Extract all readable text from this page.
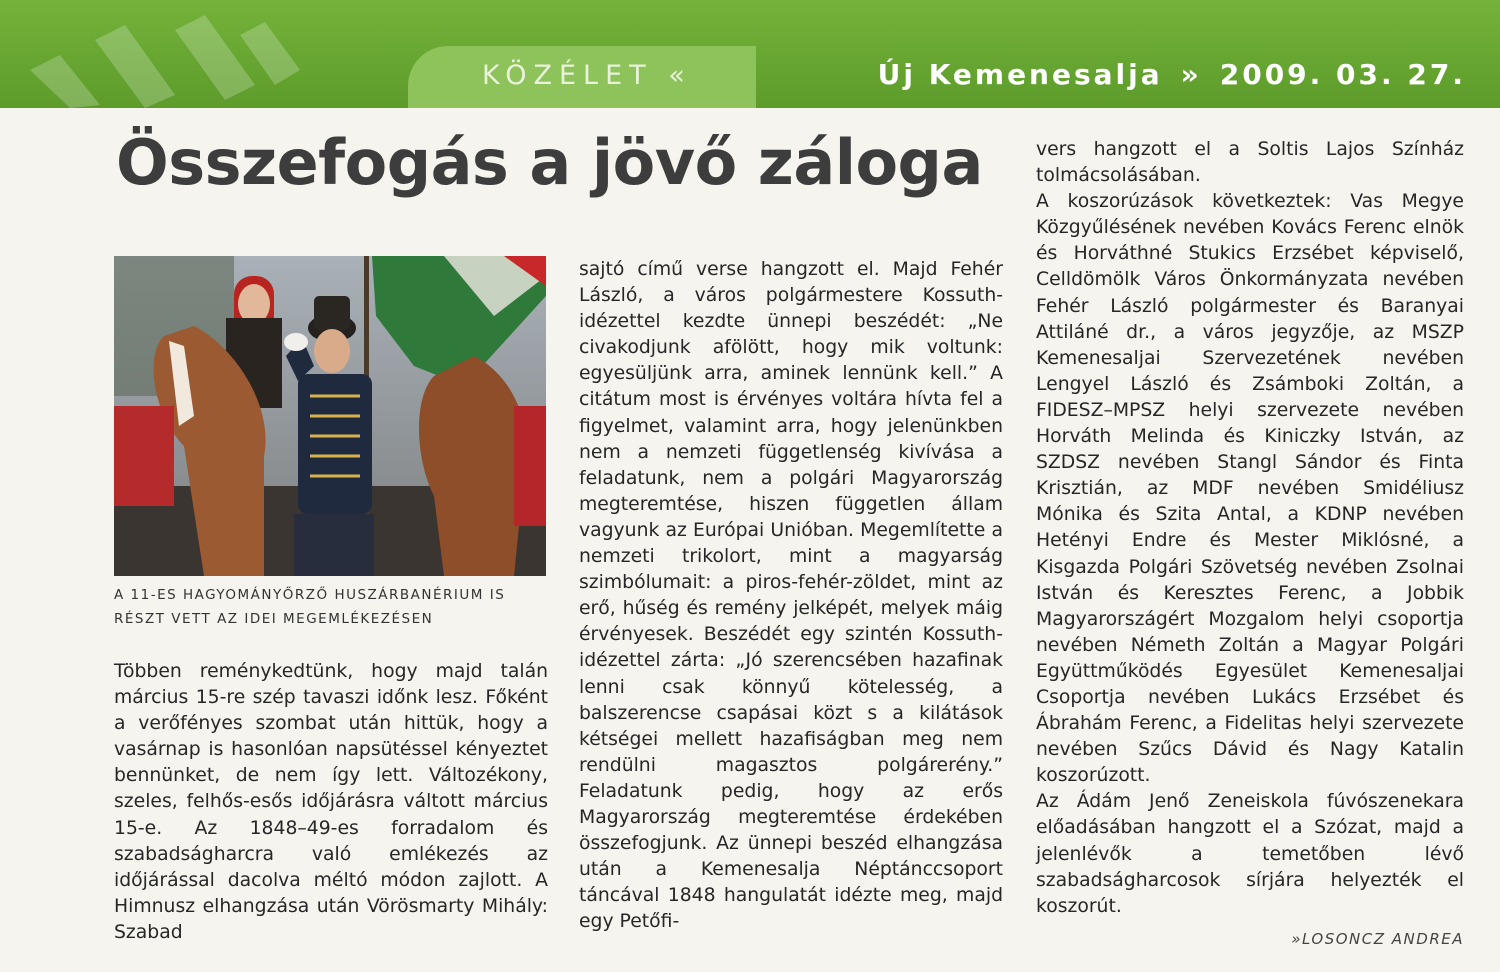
KÖZÉLET «	Új Kemenesalja » 2009. 03. 27.
Összefogás a jövő záloga
A 11-ES HAGYOMÁNYŐRZŐ HUSZÁRBANÉRIUM IS RÉSZT VETT AZ IDEI MEGEMLÉKEZÉSEN

Többen reménykedtünk, hogy majd talán március 15-re szép tavaszi időnk lesz. Főként a verőfényes szombat után hittük, hogy a vasárnap is hasonlóan napsütéssel kényeztet bennünket, de nem így lett. Változékony, szeles, felhős-esős időjárásra váltott március 15-e. Az 1848–49-es forradalom és szabadságharcra való emlékezés az időjárással dacolva méltó módon zajlott. A Himnusz elhangzása után Vörösmarty Mihály: Szabad

sajtó című verse hangzott el. Majd Fehér László, a város polgármestere Kossuth-idézettel kezdte ünnepi beszédét: „Ne civakodjunk afölött, hogy mik voltunk: egyesüljünk arra, aminek lennünk kell.” A citátum most is érvényes voltára hívta fel a figyelmet, valamint arra, hogy jelenünkben nem a nemzeti függetlenség kivívása a feladatunk, nem a polgári Magyarország megteremtése, hiszen független állam vagyunk az Európai Unióban. Megemlítette a nemzeti trikolort, mint a magyarság szimbólumait: a piros-fehér-zöldet, mint az erő, hűség és remény jelképét, melyek máig érvényesek. Beszédét egy szintén Kossuth-idézettel zárta: „Jó szerencsében hazafinak lenni csak könnyű kötelesség, a balszerencse csapásai közt s a kilátások kétségei mellett hazafiságban meg nem rendülni magasztos polgárerény.” Feladatunk pedig, hogy az erős Magyarország megteremtése érdekében összefogjunk. Az ünnepi beszéd elhangzása után a Kemenesalja Néptánccsoport táncával 1848 hangulatát idézte meg, majd egy Petőfi-

vers hangzott el a Soltis Lajos Színház tolmácsolásában.

A koszorúzások következtek: Vas Megye Közgyűlésének nevében Kovács Ferenc elnök és Horváthné Stukics Erzsébet képviselő, Celldömölk Város Önkormányzata nevében Fehér László polgármester és Baranyai Attiláné dr., a város jegyzője, az MSZP Kemenesaljai Szervezetének nevében Lengyel László és Zsámboki Zoltán, a FIDESZ–MPSZ helyi szervezete nevében Horváth Melinda és Kiniczky István, az SZDSZ nevében Stangl Sándor és Finta Krisztián, az MDF nevében Smidéliusz Mónika és Szita Antal, a KDNP nevében Hetényi Endre és Mester Miklósné, a Kisgazda Polgári Szövetség nevében Zsolnai István és Keresztes Ferenc, a Jobbik Magyarországért Mozgalom helyi csoportja nevében Németh Zoltán a Magyar Polgári Együttműködés Egyesület Kemenesaljai Csoportja nevében Lukács Erzsébet és Ábrahám Ferenc, a Fidelitas helyi szervezete nevében Szűcs Dávid és Nagy Katalin koszorúzott.

Az Ádám Jenő Zeneiskola fúvószenekara előadásában hangzott el a Szózat, majd a jelenlévők a temetőben lévő szabadságharcosok sírjára helyezték el koszorút.

»LOSONCZ ANDREA
